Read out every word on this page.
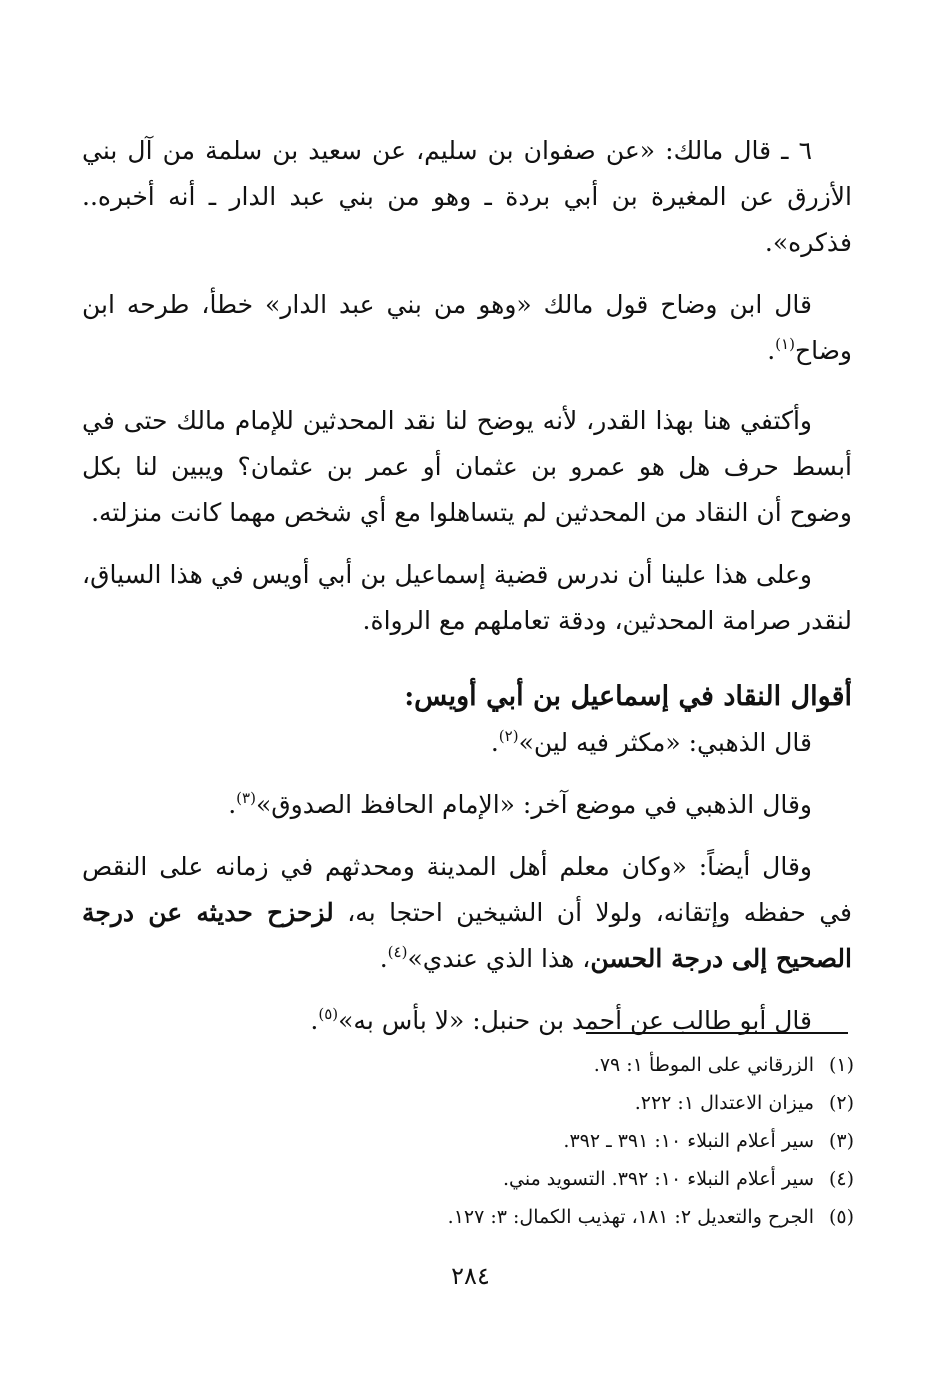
٦ ـ قال مالك: «عن صفوان بن سليم، عن سعيد بن سلمة من آل بني الأزرق عن المغيرة بن أبي بردة ـ وهو من بني عبد الدار ـ أنه أخبره.. فذكره».

قال ابن وضاح قول مالك «وهو من بني عبد الدار» خطأ، طرحه ابن وضاح$^{(١)}$.

وأكتفي هنا بهذا القدر، لأنه يوضح لنا نقد المحدثين للإمام مالك حتى في أبسط حرف هل هو عمرو بن عثمان أو عمر بن عثمان؟ ويبين لنا بكل وضوح أن النقاد من المحدثين لم يتساهلوا مع أي شخص مهما كانت منزلته.

وعلى هذا علينا أن ندرس قضية إسماعيل بن أبي أويس في هذا السياق، لنقدر صرامة المحدثين، ودقة تعاملهم مع الرواة.

أقوال النقاد في إسماعيل بن أبي أويس:

قال الذهبي: «مكثر فيه لين»$^{(٢)}$.

وقال الذهبي في موضع آخر: «الإمام الحافظ الصدوق»$^{(٣)}$.

وقال أيضاً: «وكان معلم أهل المدينة ومحدثهم في زمانه على النقص في حفظه وإتقانه، ولولا أن الشيخين احتجا به، لزحزح حديثه عن درجة الصحيح إلى درجة الحسن، هذا الذي عندي»$^{(٤)}$.

قال أبو طالب عن أحمد بن حنبل: «لا بأس به»$^{(٥)}$.

(١)الزرقاني على الموطأ ١: ٧٩.
(٢)ميزان الاعتدال ١: ٢٢٢.
(٣)سير أعلام النبلاء ١٠: ٣٩١ ـ ٣٩٢.
(٤)سير أعلام النبلاء ١٠: ٣٩٢. التسويد مني.
(٥)الجرح والتعديل ٢: ١٨١، تهذيب الكمال: ٣: ١٢٧.
٢٨٤
